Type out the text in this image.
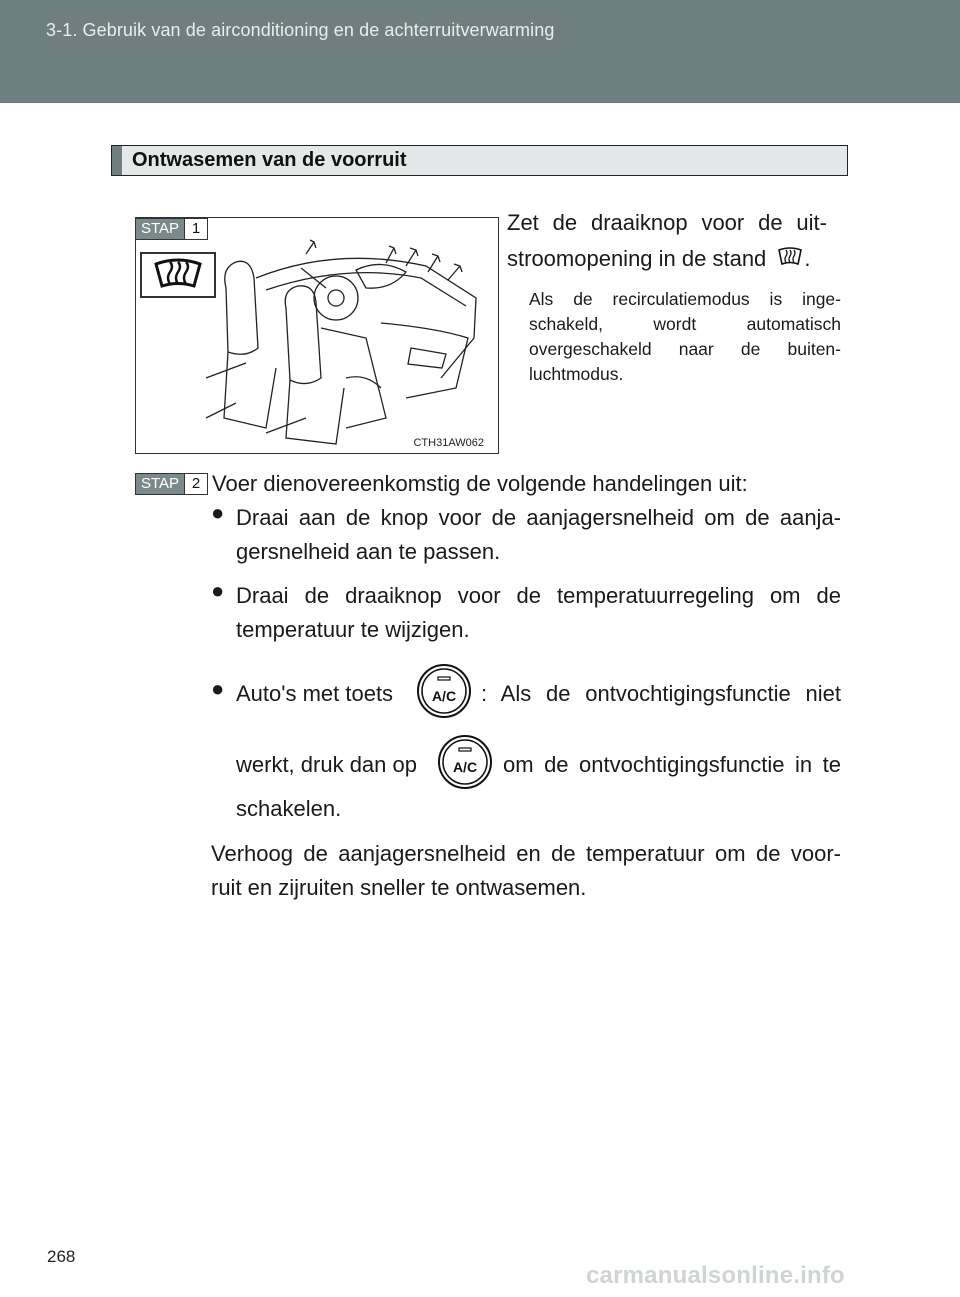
3-1. Gebruik van de airconditioning en de achterruitverwarming
Ontwasemen van de voorruit
STAP 1
CTH31AW062
Zet de draaiknop voor de uit-
stroomopening in de stand .
Als de recirculatiemodus is inge-
schakeld, wordt automatisch
overgeschakeld naar de buiten-
luchtmodus.
STAP 2 Voer dienovereenkomstig de volgende handelingen uit:
● Draai aan de knop voor de aanjagersnelheid om de aanja-
gersnelheid aan te passen.
● Draai de draaiknop voor de temperatuurregeling om de
temperatuur te wijzigen.
● Auto's met toets	A/C : Als de ontvochtigingsfunctie niet
werkt, druk dan op	A/C om de ontvochtigingsfunctie in te
schakelen.
Verhoog de aanjagersnelheid en de temperatuur om de voor-
ruit en zijruiten sneller te ontwasemen.
268
carmanualsonline.info
